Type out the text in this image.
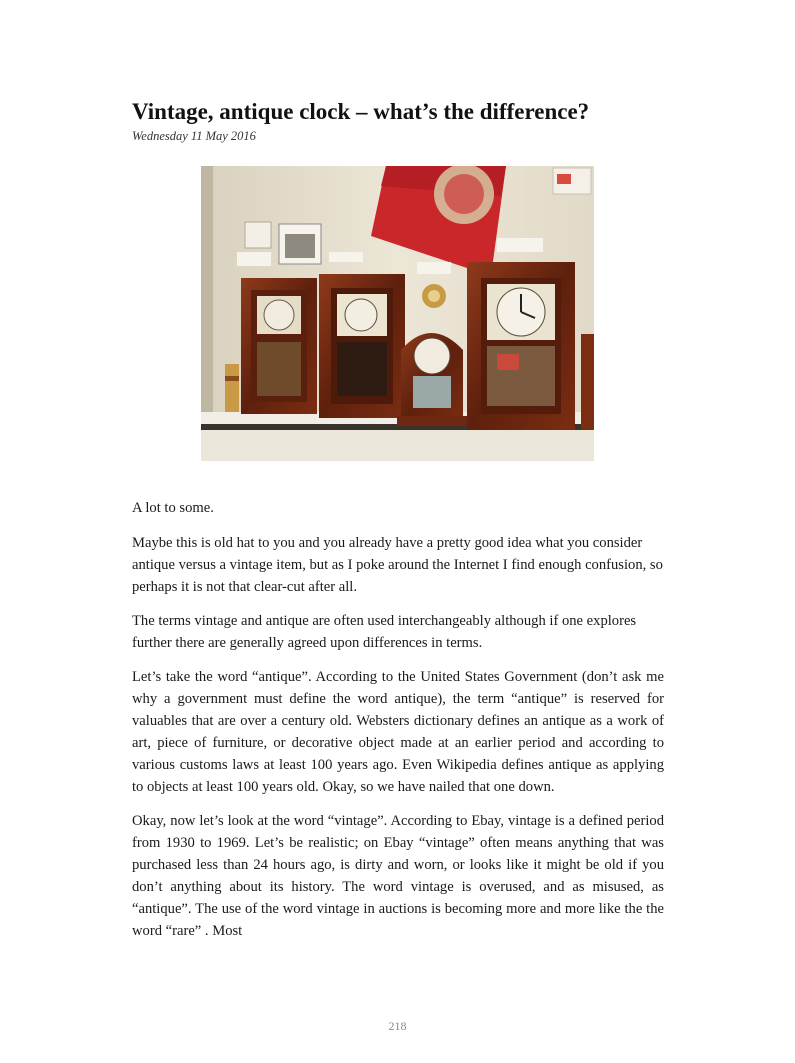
Vintage, antique clock – what’s the difference?
Wednesday 11 May 2016

A lot to some.

Maybe this is old hat to you and you already have a pretty good idea what you consider antique versus a vintage item, but as I poke around the Internet I find enough confusion, so perhaps it is not that clear-cut after all.

The terms vintage and antique are often used interchangeably although if one explores further there are generally agreed upon differences in terms.

Let’s take the word “antique”. According to the United States Government (don’t ask me why a government must define the word antique), the term “antique” is reserved for valuables that are over a century old. Websters dictionary defines an antique as a work of art, piece of furniture, or decorative object made at an earlier period and according to various customs laws at least 100 years ago. Even Wikipedia defines antique as applying to objects at least 100 years old. Okay, so we have nailed that one down.

Okay, now let’s look at the word “vintage”. According to Ebay, vintage is a defined period from 1930 to 1969. Let’s be realistic; on Ebay “vintage” often means anything that was purchased less than 24 hours ago, is dirty and worn, or looks like it might be old if you don’t anything about its history. The word vintage is overused, and as misused, as “antique”. The use of the word vintage in auctions is becoming more and more like the the word “rare” . Most

218
